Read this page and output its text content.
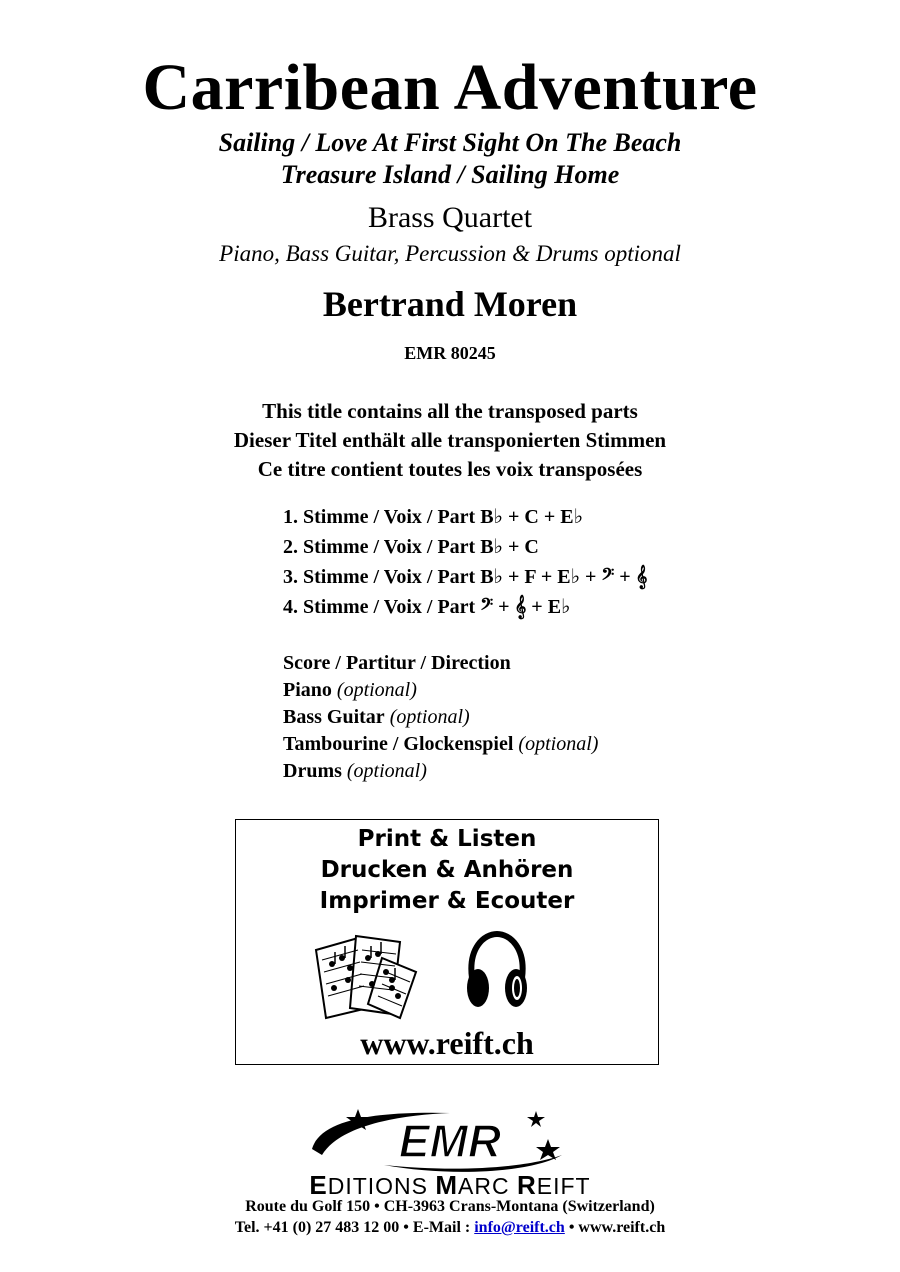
Carribean Adventure
Sailing / Love At First Sight On The Beach
Treasure Island / Sailing Home
Brass Quartet
Piano, Bass Guitar, Percussion & Drums optional
Bertrand Moren
EMR 80245
This title contains all the transposed parts
Dieser Titel enthält alle transponierten Stimmen
Ce titre contient toutes les voix transposées
1. Stimme / Voix / Part
B♭ + C + E♭
2. Stimme / Voix / Part
B♭ + C
3. Stimme / Voix / Part
B♭ + F + E♭ + 𝄢 + 𝄞
4. Stimme / Voix / Part
𝄢 + 𝄞 + E♭
Score / Partitur / Direction
Piano (optional)
Bass Guitar (optional)
Tambourine / Glockenspiel (optional)
Drums (optional)
Print & Listen
Drucken & Anhören
Imprimer & Ecouter
www.reift.ch
EMR
EDITIONS MARC REIFT
Route du Golf 150 • CH-3963 Crans-Montana (Switzerland)
Tel. +41 (0) 27 483 12 00 • E-Mail : info@reift.ch • www.reift.ch
